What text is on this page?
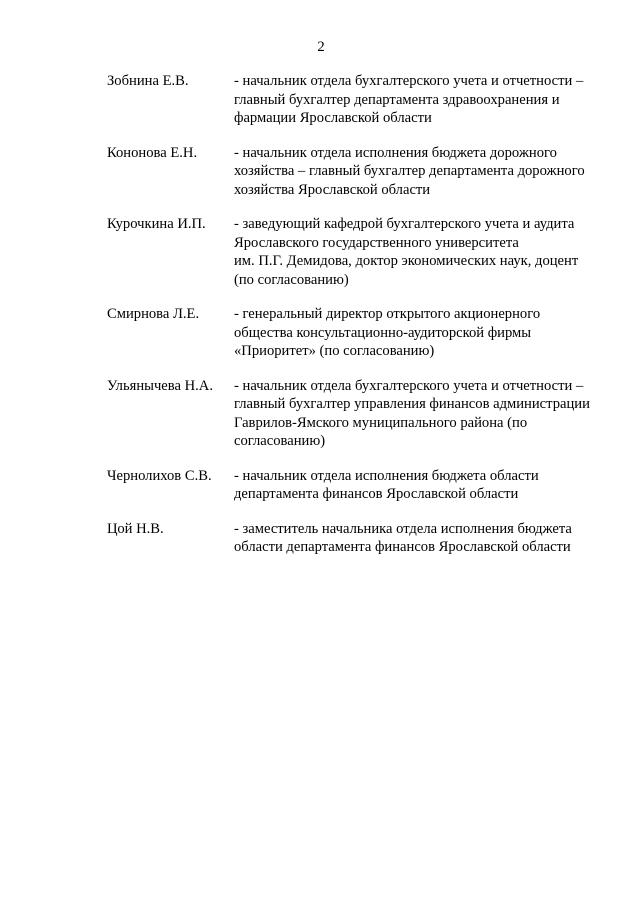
2
Зобнина Е.В.	- начальник отдела бухгалтерского учета и отчетности –
главный бухгалтер департамента здравоохранения и
фармации Ярославской области
Кононова Е.Н.	- начальник отдела исполнения бюджета дорожного
хозяйства – главный бухгалтер департамента дорожного
хозяйства Ярославской области
Курочкина И.П.	- заведующий кафедрой бухгалтерского учета и аудита
Ярославского государственного университета
им. П.Г. Демидова, доктор экономических наук, доцент
(по согласованию)
Смирнова Л.Е.	- генеральный директор открытого акционерного
общества консультационно-аудиторской фирмы
«Приоритет» (по согласованию)
Ульянычева Н.А.	- начальник отдела бухгалтерского учета и отчетности –
главный бухгалтер управления финансов администрации
Гаврилов-Ямского муниципального района (по
согласованию)
Чернолихов С.В.	- начальник отдела исполнения бюджета области
департамента финансов Ярославской области
Цой Н.В.	- заместитель начальника отдела исполнения бюджета
области департамента финансов Ярославской области
